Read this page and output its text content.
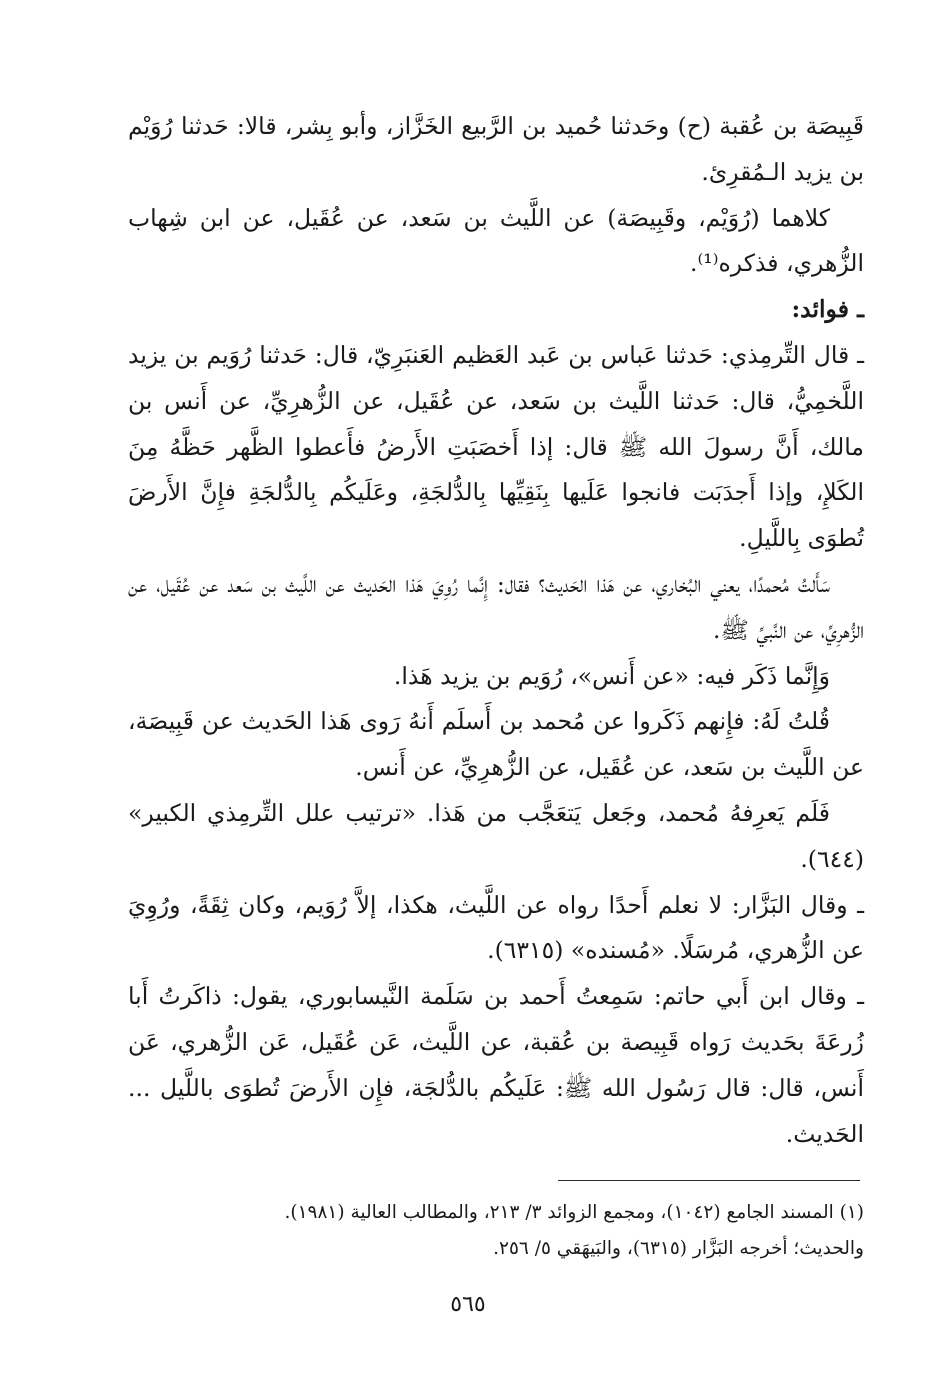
قَبِيصَة بن عُقبة (ح) وحَدثنا حُميد بن الرَّبيع الخَزَّاز، وأبو بِشر، قالا: حَدثنا رُوَيْم بن يزيد الـمُقرِئ.

كلاهما (رُوَيْم، وقَبِيصَة) عن اللَّيث بن سَعد، عن عُقَيل، عن ابن شِهاب الزُّهري، فذكره⁽¹⁾.

ـ فوائد:

ـ قال التِّرمِذي: حَدثنا عَباس بن عَبد العَظيم العَنبَرِيّ، قال: حَدثنا رُوَيم بن يزيد اللَّخمِيُّ، قال: حَدثنا اللَّيث بن سَعد، عن عُقَيل، عن الزُّهرِيِّ، عن أَنس بن مالك، أَنَّ رسولَ الله ﷺ قال: إذا أَخصَبَتِ الأَرضُ فأَعطوا الظَّهر حَظَّهُ مِنَ الكَلإِ، وإذا أَجدَبَت فانجوا عَلَيها بِنَقِيِّها بِالدُّلجَةِ، وعَلَيكُم بِالدُّلجَةِ فإِنَّ الأَرضَ تُطوَى بِاللَّيلِ.

سَأَلتُ مُحمدًا، يعني البُخاري، عن هَذا الحَديث؟ فقال: إِنَّما رُوِيَ هَذا الحَديث عن اللَّيث بن سَعد عن عُقَيل، عن الزُّهرِيِّ، عن النَّبيِّ ﷺ.

وَإِنَّما ذَكَر فيه: «عن أَنس»، رُوَيم بن يزيد هَذا.

قُلتُ لَهُ: فإِنهم ذَكَروا عن مُحمد بن أَسلَم أَنهُ رَوى هَذا الحَديث عن قَبِيصَة، عن اللَّيث بن سَعد، عن عُقَيل، عن الزُّهرِيِّ، عن أَنس.

فَلَم يَعرِفهُ مُحمد، وجَعل يَتعَجَّب من هَذا. «ترتيب علل التِّرمِذي الكبير» (٦٤٤).

ـ وقال البَزَّار: لا نعلم أَحدًا رواه عن اللَّيث، هكذا، إلاَّ رُوَيم، وكان ثِقَةً، ورُوِيَ عن الزُّهري، مُرسَلًا. «مُسنده» (٦٣١٥).

ـ وقال ابن أَبي حاتم: سَمِعتُ أَحمد بن سَلَمة النَّيسابوري، يقول: ذاكَرتُ أَبا زُرعَةَ بحَديث رَواه قَبِيصة بن عُقبة، عن اللَّيث، عَن عُقَيل، عَن الزُّهري، عَن أَنس، قال: قال رَسُول الله ﷺ: عَلَيكُم بالدُّلجَة، فإِن الأَرضَ تُطوَى باللَّيل ... الحَديث.

(١) المسند الجامع (١٠٤٢)، ومجمع الزوائد ٣/ ٢١٣، والمطالب العالية (١٩٨١).

والحديث؛ أخرجه البَزَّار (٦٣١٥)، والبَيهَقي ٥/ ٢٥٦.

٥٦٥
